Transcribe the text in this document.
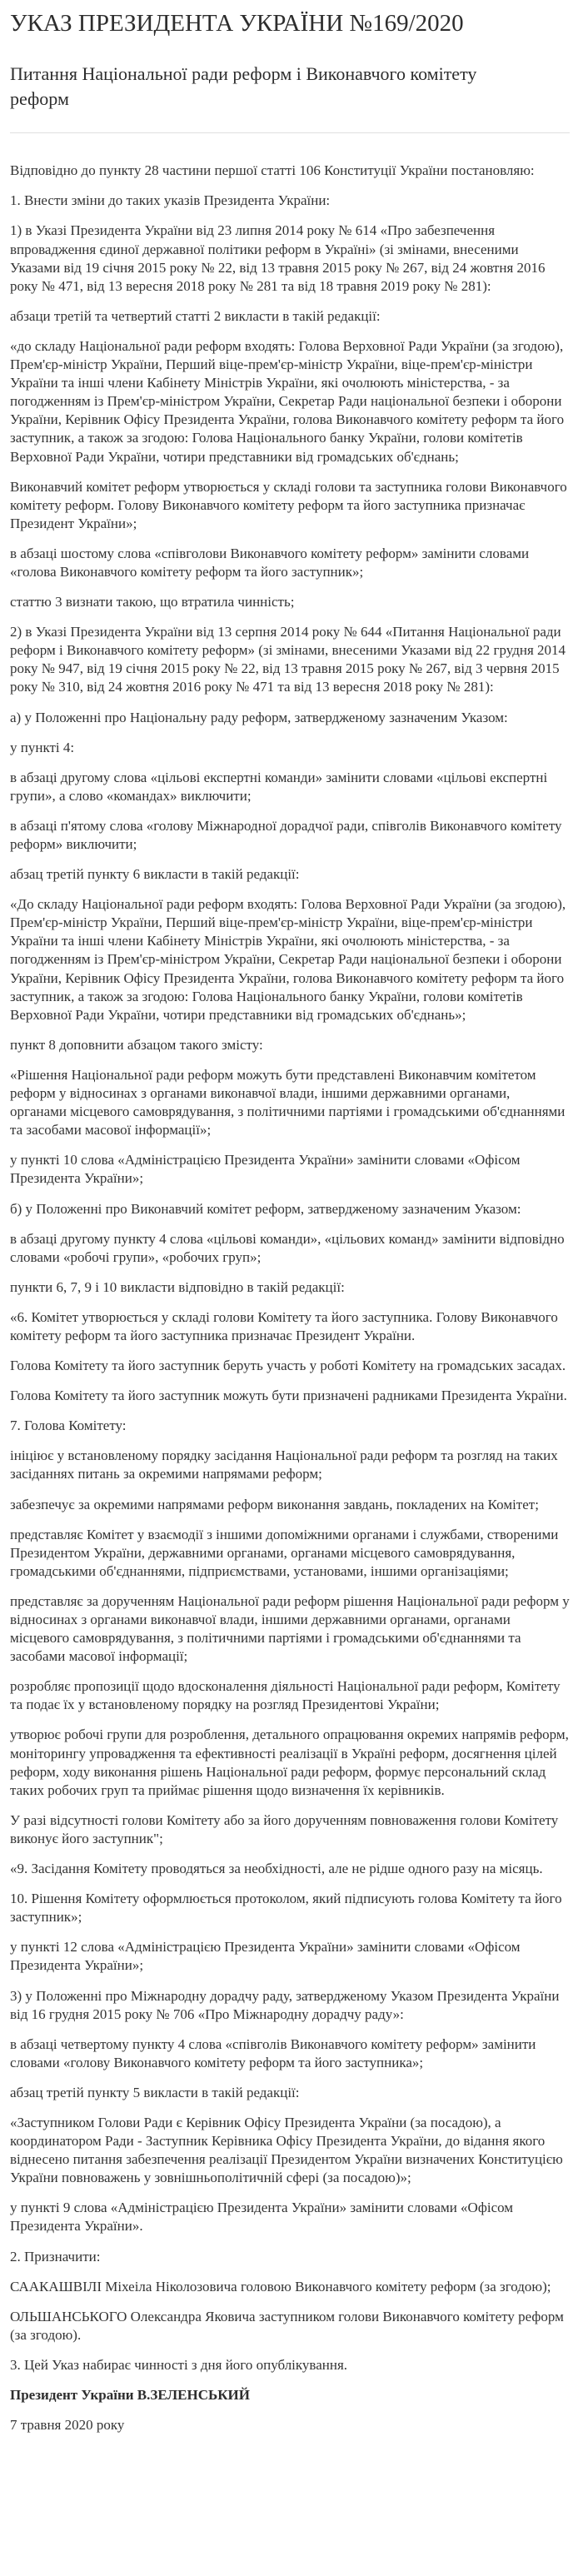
УКАЗ ПРЕЗИДЕНТА УКРАЇНИ №169/2020
Питання Національної ради реформ і Виконавчого комітету реформ

Відповідно до пункту 28 частини першої статті 106 Конституції України постановляю:

1. Внести зміни до таких указів Президента України:

1) в Указі Президента України від 23 липня 2014 року № 614 «Про забезпечення впровадження єдиної державної політики реформ в Україні» (зі змінами, внесеними Указами від 19 січня 2015 року № 22, від 13 травня 2015 року № 267, від 24 жовтня 2016 року № 471, від 13 вересня 2018 року № 281 та від 18 травня 2019 року № 281):

абзаци третій та четвертий статті 2 викласти в такій редакції:

«до складу Національної ради реформ входять: Голова Верховної Ради України (за згодою), Прем'єр-міністр України, Перший віце-прем'єр-міністр України, віце-прем'єр-міністри України та інші члени Кабінету Міністрів України, які очолюють міністерства, - за погодженням із Прем'єр-міністром України, Секретар Ради національної безпеки і оборони України, Керівник Офісу Президента України, голова Виконавчого комітету реформ та його заступник, а також за згодою: Голова Національного банку України, голови комітетів Верховної Ради України, чотири представники від громадських об'єднань;

Виконавчий комітет реформ утворюється у складі голови та заступника голови Виконавчого комітету реформ. Голову Виконавчого комітету реформ та його заступника призначає Президент України»;

в абзаці шостому слова «співголови Виконавчого комітету реформ» замінити словами «голова Виконавчого комітету реформ та його заступник»;

статтю 3 визнати такою, що втратила чинність;

2) в Указі Президента України від 13 серпня 2014 року № 644 «Питання Національної ради реформ і Виконавчого комітету реформ» (зі змінами, внесеними Указами від 22 грудня 2014 року № 947, від 19 січня 2015 року № 22, від 13 травня 2015 року № 267, від 3 червня 2015 року № 310, від 24 жовтня 2016 року № 471 та від 13 вересня 2018 року № 281):

а) у Положенні про Національну раду реформ, затвердженому зазначеним Указом:

у пункті 4:

в абзаці другому слова «цільові експертні команди» замінити словами «цільові експертні групи», а слово «командах» виключити;

в абзаці п'ятому слова «голову Міжнародної дорадчої ради, співголів Виконавчого комітету реформ» виключити;

абзац третій пункту 6 викласти в такій редакції:

«До складу Національної ради реформ входять: Голова Верховної Ради України (за згодою), Прем'єр-міністр України, Перший віце-прем'єр-міністр України, віце-прем'єр-міністри України та інші члени Кабінету Міністрів України, які очолюють міністерства, - за погодженням із Прем'єр-міністром України, Секретар Ради національної безпеки і оборони України, Керівник Офісу Президента України, голова Виконавчого комітету реформ та його заступник, а також за згодою: Голова Національного банку України, голови комітетів Верховної Ради України, чотири представники від громадських об'єднань»;

пункт 8 доповнити абзацом такого змісту:

«Рішення Національної ради реформ можуть бути представлені Виконавчим комітетом реформ у відносинах з органами виконавчої влади, іншими державними органами, органами місцевого самоврядування, з політичними партіями і громадськими об'єднаннями та засобами масової інформації»;

у пункті 10 слова «Адміністрацією Президента України» замінити словами «Офісом Президента України»;

б) у Положенні про Виконавчий комітет реформ, затвердженому зазначеним Указом:

в абзаці другому пункту 4 слова «цільові команди», «цільових команд» замінити відповідно словами «робочі групи», «робочих груп»;

пункти 6, 7, 9 і 10 викласти відповідно в такій редакції:

«6. Комітет утворюється у складі голови Комітету та його заступника. Голову Виконавчого комітету реформ та його заступника призначає Президент України.

Голова Комітету та його заступник беруть участь у роботі Комітету на громадських засадах.

Голова Комітету та його заступник можуть бути призначені радниками Президента України.

7. Голова Комітету:

ініціює у встановленому порядку засідання Національної ради реформ та розгляд на таких засіданнях питань за окремими напрямами реформ;

забезпечує за окремими напрямами реформ виконання завдань, покладених на Комітет;

представляє Комітет у взаємодії з іншими допоміжними органами і службами, створеними Президентом України, державними органами, органами місцевого самоврядування, громадськими об'єднаннями, підприємствами, установами, іншими організаціями;

представляє за дорученням Національної ради реформ рішення Національної ради реформ у відносинах з органами виконавчої влади, іншими державними органами, органами місцевого самоврядування, з політичними партіями і громадськими об'єднаннями та засобами масової інформації;

розробляє пропозиції щодо вдосконалення діяльності Національної ради реформ, Комітету та подає їх у встановленому порядку на розгляд Президентові України;

утворює робочі групи для розроблення, детального опрацювання окремих напрямів реформ, моніторингу упровадження та ефективності реалізації в Україні реформ, досягнення цілей реформ, ходу виконання рішень Національної ради реформ, формує персональний склад таких робочих груп та приймає рішення щодо визначення їх керівників.

У разі відсутності голови Комітету або за його дорученням повноваження голови Комітету виконує його заступник";

«9. Засідання Комітету проводяться за необхідності, але не рідше одного разу на місяць.

10. Рішення Комітету оформлюється протоколом, який підписують голова Комітету та його заступник»;

у пункті 12 слова «Адміністрацією Президента України» замінити словами «Офісом Президента України»;

3) у Положенні про Міжнародну дорадчу раду, затвердженому Указом Президента України від 16 грудня 2015 року № 706 «Про Міжнародну дорадчу раду»:

в абзаці четвертому пункту 4 слова «співголів Виконавчого комітету реформ» замінити словами «голову Виконавчого комітету реформ та його заступника»;

абзац третій пункту 5 викласти в такій редакції:

«Заступником Голови Ради є Керівник Офісу Президента України (за посадою), а координатором Ради - Заступник Керівника Офісу Президента України, до відання якого віднесено питання забезпечення реалізації Президентом України визначених Конституцією України повноважень у зовнішньополітичній сфері (за посадою)»;

у пункті 9 слова «Адміністрацією Президента України» замінити словами «Офісом Президента України».

2. Призначити:

СААКАШВІЛІ Міхеіла Ніколозовича головою Виконавчого комітету реформ (за згодою);

ОЛЬШАНСЬКОГО Олександра Яковича заступником голови Виконавчого комітету реформ (за згодою).

3. Цей Указ набирає чинності з дня його опублікування.

Президент України В.ЗЕЛЕНСЬКИЙ

7 травня 2020 року
